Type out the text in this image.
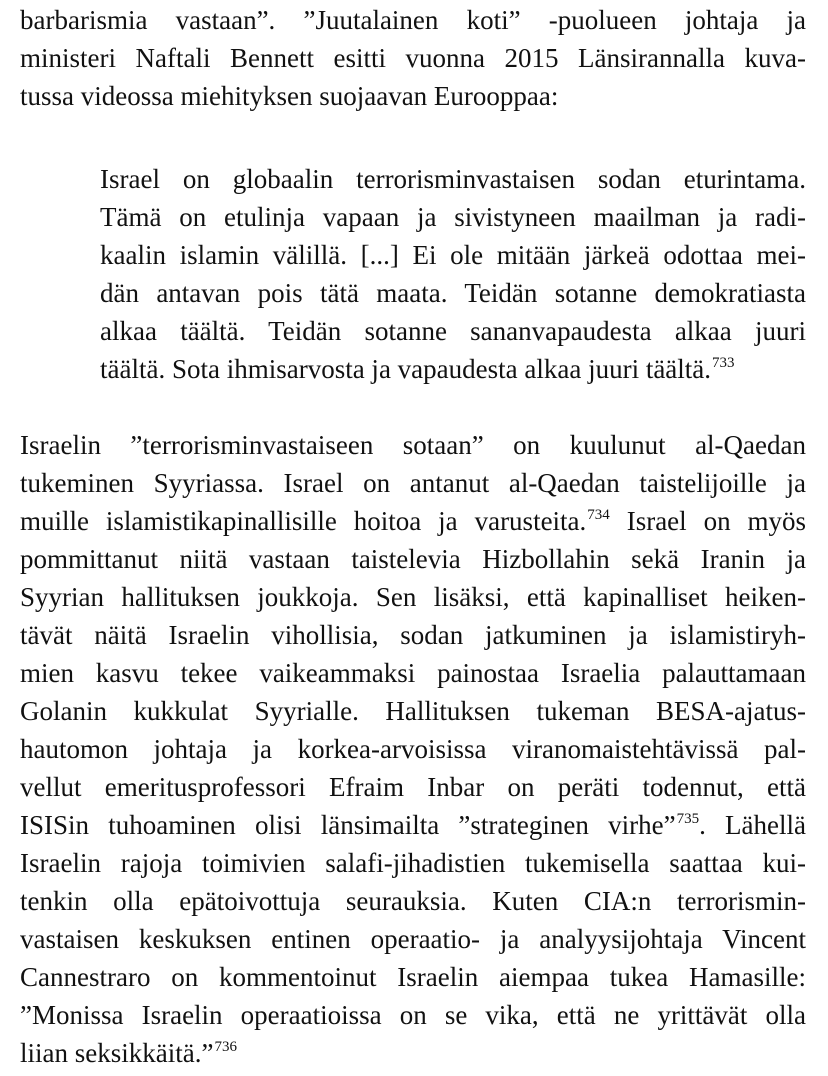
barbarismia vastaan”. ”Juutalainen koti” -puolueen johtaja ja
ministeri Naftali Bennett esitti vuonna 2015 Länsirannalla kuva-
tussa videossa miehityksen suojaavan Eurooppaa:
Israel on globaalin terrorisminvastaisen sodan eturintama.
Tämä on etulinja vapaan ja sivistyneen maailman ja radi-
kaalin islamin välillä. [...] Ei ole mitään järkeä odottaa mei-
dän antavan pois tätä maata. Teidän sotanne demokratiasta
alkaa täältä. Teidän sotanne sananvapaudesta alkaa juuri
täältä. Sota ihmisarvosta ja vapaudesta alkaa juuri täältä.$^{733}$
Israelin ”terrorisminvastaiseen sotaan” on kuulunut al-Qaedan
tukeminen Syyriassa. Israel on antanut al-Qaedan taistelijoille ja
muille islamistikapinallisille hoitoa ja varusteita.$^{734}$ Israel on myös
pommittanut niitä vastaan taistelevia Hizbollahin sekä Iranin ja
Syyrian hallituksen joukkoja. Sen lisäksi, että kapinalliset heiken-
tävät näitä Israelin vihollisia, sodan jatkuminen ja islamistiryh-
mien kasvu tekee vaikeammaksi painostaa Israelia palauttamaan
Golanin kukkulat Syyrialle. Hallituksen tukeman BESA-ajatus-
hautomon johtaja ja korkea-arvoisissa viranomaistehtävissä pal-
vellut emeritusprofessori Efraim Inbar on peräti todennut, että
ISISin tuhoaminen olisi länsimailta ”strateginen virhe”$^{735}$. Lähellä
Israelin rajoja toimivien salafi-jihadistien tukemisella saattaa kui-
tenkin olla epätoivottuja seurauksia. Kuten CIA:n terrorismin-
vastaisen keskuksen entinen operaatio- ja analyysijohtaja Vincent
Cannestraro on kommentoinut Israelin aiempaa tukea Hamasille:
”Monissa Israelin operaatioissa on se vika, että ne yrittävät olla
liian seksikkäitä.”$^{736}$
